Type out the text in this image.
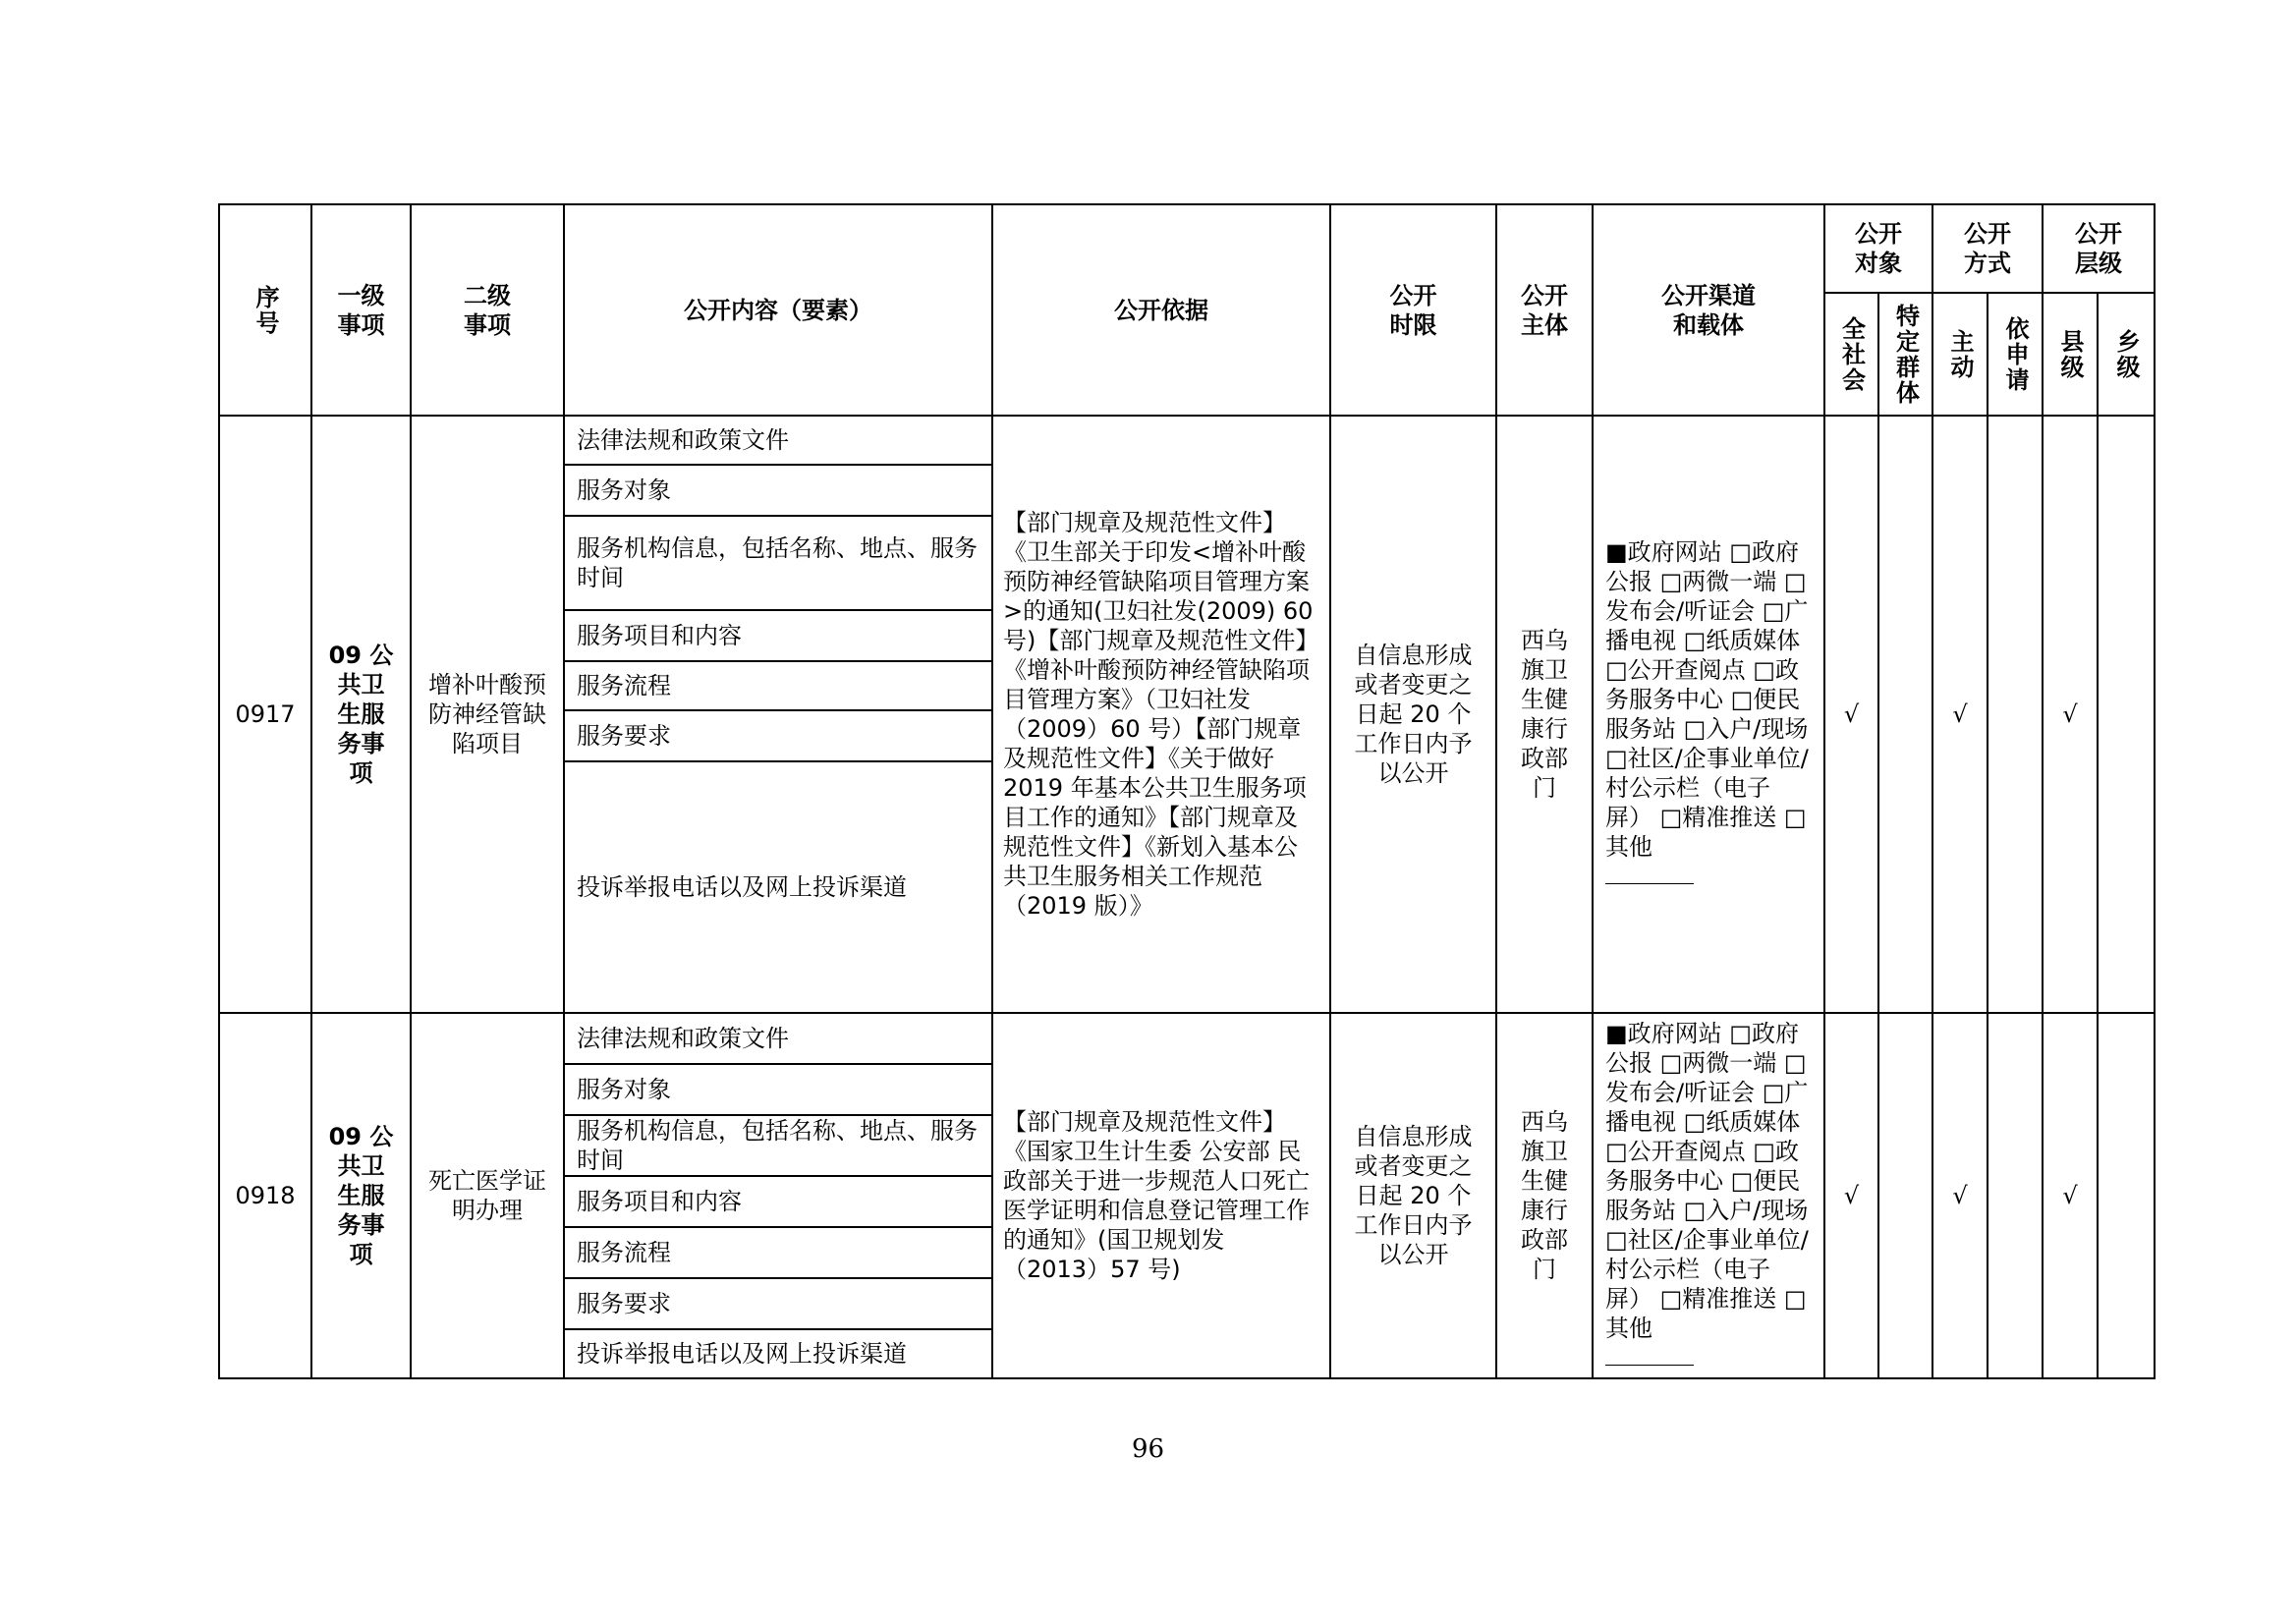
序号	一级事项	二级事项	公开内容（要素）	公开依据	公开时限	公开主体	公开渠道和载体	公开对象		公开方式		公开层级	

								全社会	特定群体	主动	依申请	县级	乡级

0917	09 公共卫生服务事项	增补叶酸预防神经管缺陷项目	法律法规和政策文件	【部门规章及规范性文件】《卫生部关于印发<增补叶酸预防神经管缺陷项目管理方案>的通知(卫妇社发(2009) 60 号)【部门规章及规范性文件】《增补叶酸预防神经管缺陷项目管理方案》（卫妇社发（2009）60 号）【部门规章及规范性文件】《关于做好 2019 年基本公共卫生服务项目工作的通知》【部门规章及规范性文件】《新划入基本公共卫生服务相关工作规范（2019 版）》	自信息形成或者变更之日起 20 个工作日内予以公开	西乌旗卫生健康行政部门	■政府网站 □政府公报 □两微一端 □发布会/听证会 □广播电视 □纸质媒体 □公开查阅点 □政务服务中心 □便民服务站 □入户/现场 □社区/企事业单位/村公示栏（电子屏） □精准推送 □其他	√		√		√	
			服务对象										
			服务机构信息，包括名称、地点、服务时间										
			服务项目和内容										
			服务流程										
			服务要求										
			投诉举报电话以及网上投诉渠道										
0918	09 公共卫生服务事项	死亡医学证明办理	法律法规和政策文件	【部门规章及规范性文件】《国家卫生计生委 公安部 民政部关于进一步规范人口死亡医学证明和信息登记管理工作的通知》(国卫规划发（2013）57 号)	自信息形成或者变更之日起 20 个工作日内予以公开	西乌旗卫生健康行政部门	■政府网站 □政府公报 □两微一端 □发布会/听证会 □广播电视 □纸质媒体 □公开查阅点 □政务服务中心 □便民服务站 □入户/现场 □社区/企事业单位/村公示栏（电子屏） □精准推送 □其他	√		√		√	
			服务对象										
			服务机构信息，包括名称、地点、服务时间										
			服务项目和内容										
			服务流程										
			服务要求										
			投诉举报电话以及网上投诉渠道										
96
